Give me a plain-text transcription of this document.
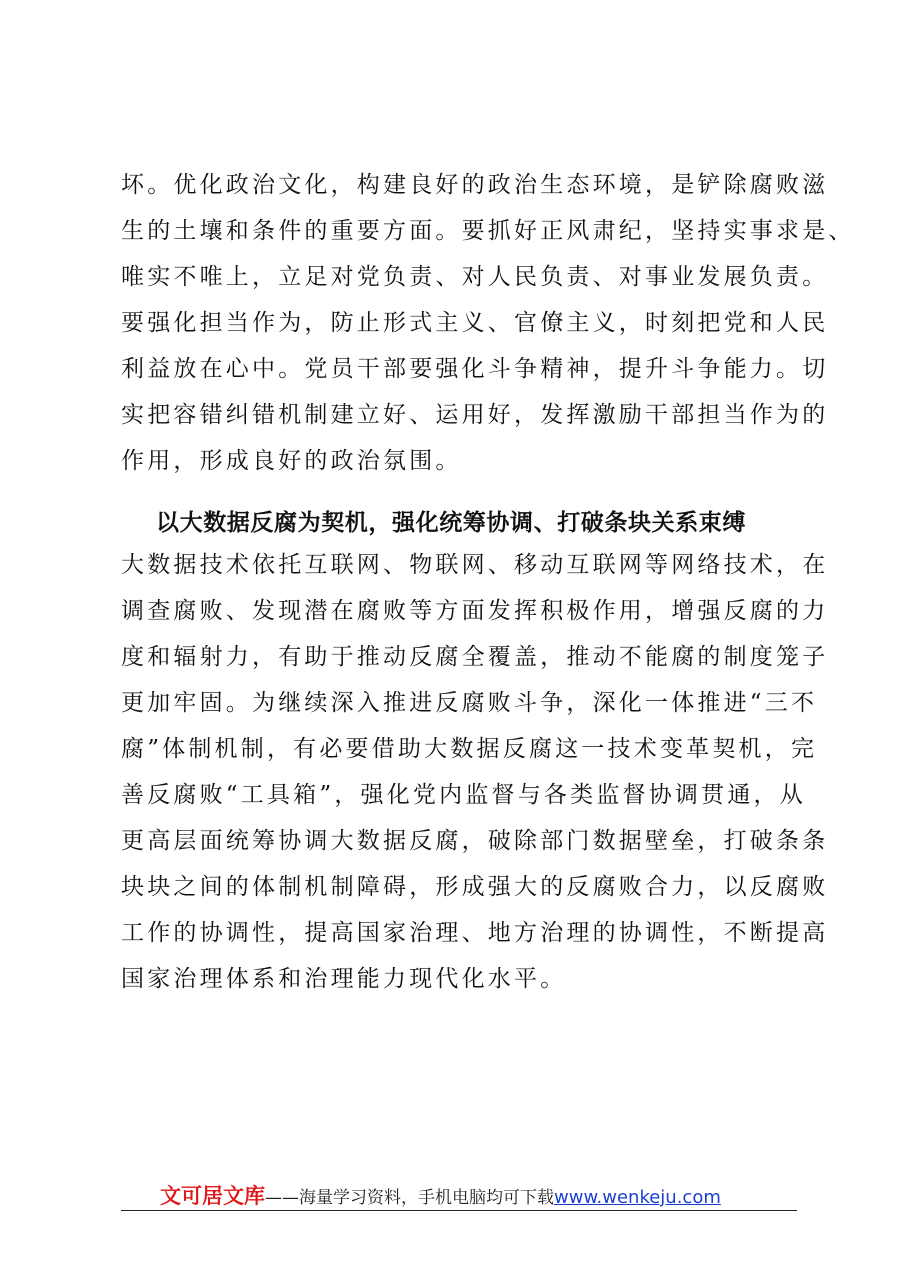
坏。优化政治文化，构建良好的政治生态环境，是铲除腐败滋
生的土壤和条件的重要方面。要抓好正风肃纪，坚持实事求是、
唯实不唯上，立足对党负责、对人民负责、对事业发展负责。
要强化担当作为，防止形式主义、官僚主义，时刻把党和人民
利益放在心中。党员干部要强化斗争精神，提升斗争能力。切
实把容错纠错机制建立好、运用好，发挥激励干部担当作为的
作用，形成良好的政治氛围。
以大数据反腐为契机，强化统筹协调、打破条块关系束缚
大数据技术依托互联网、物联网、移动互联网等网络技术，在
调查腐败、发现潜在腐败等方面发挥积极作用，增强反腐的力
度和辐射力，有助于推动反腐全覆盖，推动不能腐的制度笼子
更加牢固。为继续深入推进反腐败斗争，深化一体推进“三不
腐”体制机制，有必要借助大数据反腐这一技术变革契机，完
善反腐败“工具箱”，强化党内监督与各类监督协调贯通，从
更高层面统筹协调大数据反腐，破除部门数据壁垒，打破条条
块块之间的体制机制障碍，形成强大的反腐败合力，以反腐败
工作的协调性，提高国家治理、地方治理的协调性，不断提高
国家治理体系和治理能力现代化水平。
文可居文库——海量学习资料，手机电脑均可下载www.wenkeju.com
